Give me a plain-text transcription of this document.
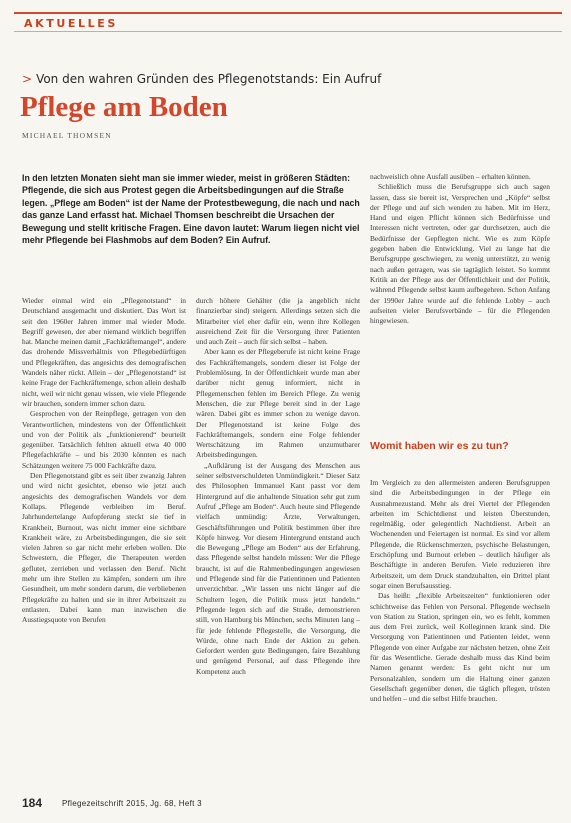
AKTUELLES
> Von den wahren Gründen des Pflegenotstands: Ein Aufruf
Pflege am Boden
MICHAEL THOMSEN

In den letzten Monaten sieht man sie immer wieder, meist in größeren Städten: Pflegende, die sich aus Protest gegen die Arbeitsbedingungen auf die Straße legen. „Pflege am Boden“ ist der Name der Protestbewegung, die nach und nach das ganze Land erfasst hat. Michael Thomsen beschreibt die Ursachen der Bewegung und stellt kritische Fragen. Eine davon lautet: Warum liegen nicht viel mehr Pflegende bei Flashmobs auf dem Boden? Ein Aufruf.

Wieder einmal wird ein „Pflegenotstand“ in Deutschland ausgemacht und diskutiert. Das Wort ist seit den 1960er Jahren immer mal wieder Mode. Begriff gewesen, der aber niemand wirklich begriffen hat. Manche meinen damit „Fachkräftemangel“, andere das drohende Missverhältnis von Pflegebedürftigen und Pflegekräften, das angesichts des demografischen Wandels näher rückt. Allein – der „Pflegenotstand“ ist keine Frage der Fachkräftemenge, schon allein deshalb nicht, weil wir nicht genau wissen, wie viele Pflegende wir brauchen, sondern immer schon dazu.

Gesprochen von der Reinpflege, getragen von den Verantwortlichen, mindestens von der Öffentlichkeit und von der Politik als „funktionierend“ beurteilt gegenüber. Tatsächlich fehlten aktuell etwa 40 000 Pflegefachkräfte – und bis 2030 könnten es nach Schätzungen weitere 75 000 Fachkräfte dazu.

Den Pflegenotstand gibt es seit über zwanzig Jahren und wird nicht gesichtet, ebenso wie jetzt auch angesichts des demografischen Wandels vor dem Kollaps. Pflegende verbleiben im Beruf. Jahrhundertelange Aufopferung steckt sie tief in Krankheit, Burnout, was nicht immer eine sichtbare Krankheit wäre, zu Arbeitsbedingungen, die sie seit vielen Jahren so gar nicht mehr erleben wollen. Die Schwestern, die Pfleger, die Therapeuten werden geflutet, zerrieben und verlassen den Beruf. Nicht mehr um ihre Stellen zu kämpfen, sondern um ihre Gesundheit, um mehr sondern darum, die verbliebenen Pflegekräfte zu halten und sie in ihrer Arbeitszeit zu entlasten. Dabei kann man inzwischen die Ausstiegsquote von Berufen

durch höhere Gehälter (die ja angeblich nicht finanzierbar sind) steigern. Allerdings setzen sich die Mitarbeiter viel eher dafür ein, wenn ihre Kollegen ausreichend Zeit für die Versorgung ihrer Patienten und auch Zeit – auch für sich selbst – haben.

Aber kann es der Pflegeberufe ist nicht keine Frage des Fachkräftemangels, sondern dieser ist Folge der Problemlösung. In der Öffentlichkeit wurde man aber darüber nicht genug informiert, nicht in Pflegemenschen fehlen im Bereich Pflege. Zu wenig Menschen, die zur Pflege bereit sind in der Lage wären. Dabei gibt es immer schon zu wenige davon. Der Pflegenotstand ist keine Folge des Fachkräftemangels, sondern eine Folge fehlender Wertschätzung im Rahmen unzumutbarer Arbeitsbedingungen.

„Aufklärung ist der Ausgang des Menschen aus seiner selbstverschuldeten Unmündigkeit.“ Dieser Satz des Philosophen Immanuel Kant passt vor dem Hintergrund auf die anhaltende Situation sehr gut zum Aufruf „Pflege am Boden“. Auch heute sind Pflegende vielfach unmündig: Ärzte, Verwaltungen, Geschäftsführungen und Politik bestimmen über ihre Köpfe hinweg. Vor diesem Hintergrund entstand auch die Bewegung „Pflege am Boden“ aus der Erfahrung, dass Pflegende selbst handeln müssen: Wer die Pflege braucht, ist auf die Rahmenbedingungen angewiesen und Pflegende sind für die Patientinnen und Patienten unverzichtbar. „Wir lassen uns nicht länger auf die Schultern legen, die Politik muss jetzt handeln.“ Pflegende legen sich auf die Straße, demonstrieren still, von Hamburg bis München, sechs Minuten lang – für jede fehlende Pflegestelle, die Versorgung, die Würde, ohne nach Ende der Aktion zu gehen. Gefordert werden gute Bedingungen, faire Bezahlung und genügend Personal, auf dass Pflegende ihre Kompetenz auch

nachweislich ohne Ausfall ausüben – erhalten können.

Schließlich muss die Berufsgruppe sich auch sagen lassen, dass sie bereit ist, Versprechen und „Köpfe“ selbst der Pflege und auf sich wenden zu haben. Mit im Herz, Hand und eigen Pflicht können sich Bedürfnisse und Interessen nicht vertreten, oder gar durchsetzen, auch die Bedürfnisse der Gepflegten nicht. Wie es zum Köpfe gegeben haben die Entwicklung. Viel zu lange hat die Berufsgruppe geschwiegen, zu wenig unterstützt, zu wenig nach außen getragen, was sie tagtäglich leistet. So kommt Kritik an der Pflege aus der Öffentlichkeit und der Politik, während Pflegende selbst kaum aufbegehren. Schon Anfang der 1990er Jahre wurde auf die fehlende Lobby – auch aufseiten vieler Berufsverbände – für die Pflegenden hingewiesen.

Womit haben wir es zu tun?

Im Vergleich zu den allermeisten anderen Berufsgruppen sind die Arbeitsbedingungen in der Pflege ein Ausnahmezustand. Mehr als drei Viertel der Pflegenden arbeiten im Schichtdienst und leisten Überstunden, regelmäßig, oder gelegentlich Nachtdienst. Arbeit an Wochenenden und Feiertagen ist normal. Es sind vor allem Pflegende, die Rückenschmerzen, psychische Belastungen, Erschöpfung und Burnout erleben – deutlich häufiger als Beschäftigte in anderen Berufen. Viele reduzieren ihre Arbeitszeit, um dem Druck standzuhalten, ein Drittel plant sogar einen Berufsausstieg.

Das heißt: „flexible Arbeitszeiten“ funktionieren oder schichtweise das Fehlen von Personal. Pflegende wechseln von Station zu Station, springen ein, wo es fehlt, kommen aus dem Frei zurück, weil Kolleginnen krank sind. Die Versorgung von Patientinnen und Patienten leidet, wenn Pflegende von einer Aufgabe zur nächsten hetzen, ohne Zeit für das Wesentliche. Gerade deshalb muss das Kind beim Namen genannt werden: Es geht nicht nur um Personalzahlen, sondern um die Haltung einer ganzen Gesellschaft gegenüber denen, die täglich pflegen, trösten und helfen – und die selbst Hilfe brauchen.

184 Pflegezeitschrift 2015, Jg. 68, Heft 3
